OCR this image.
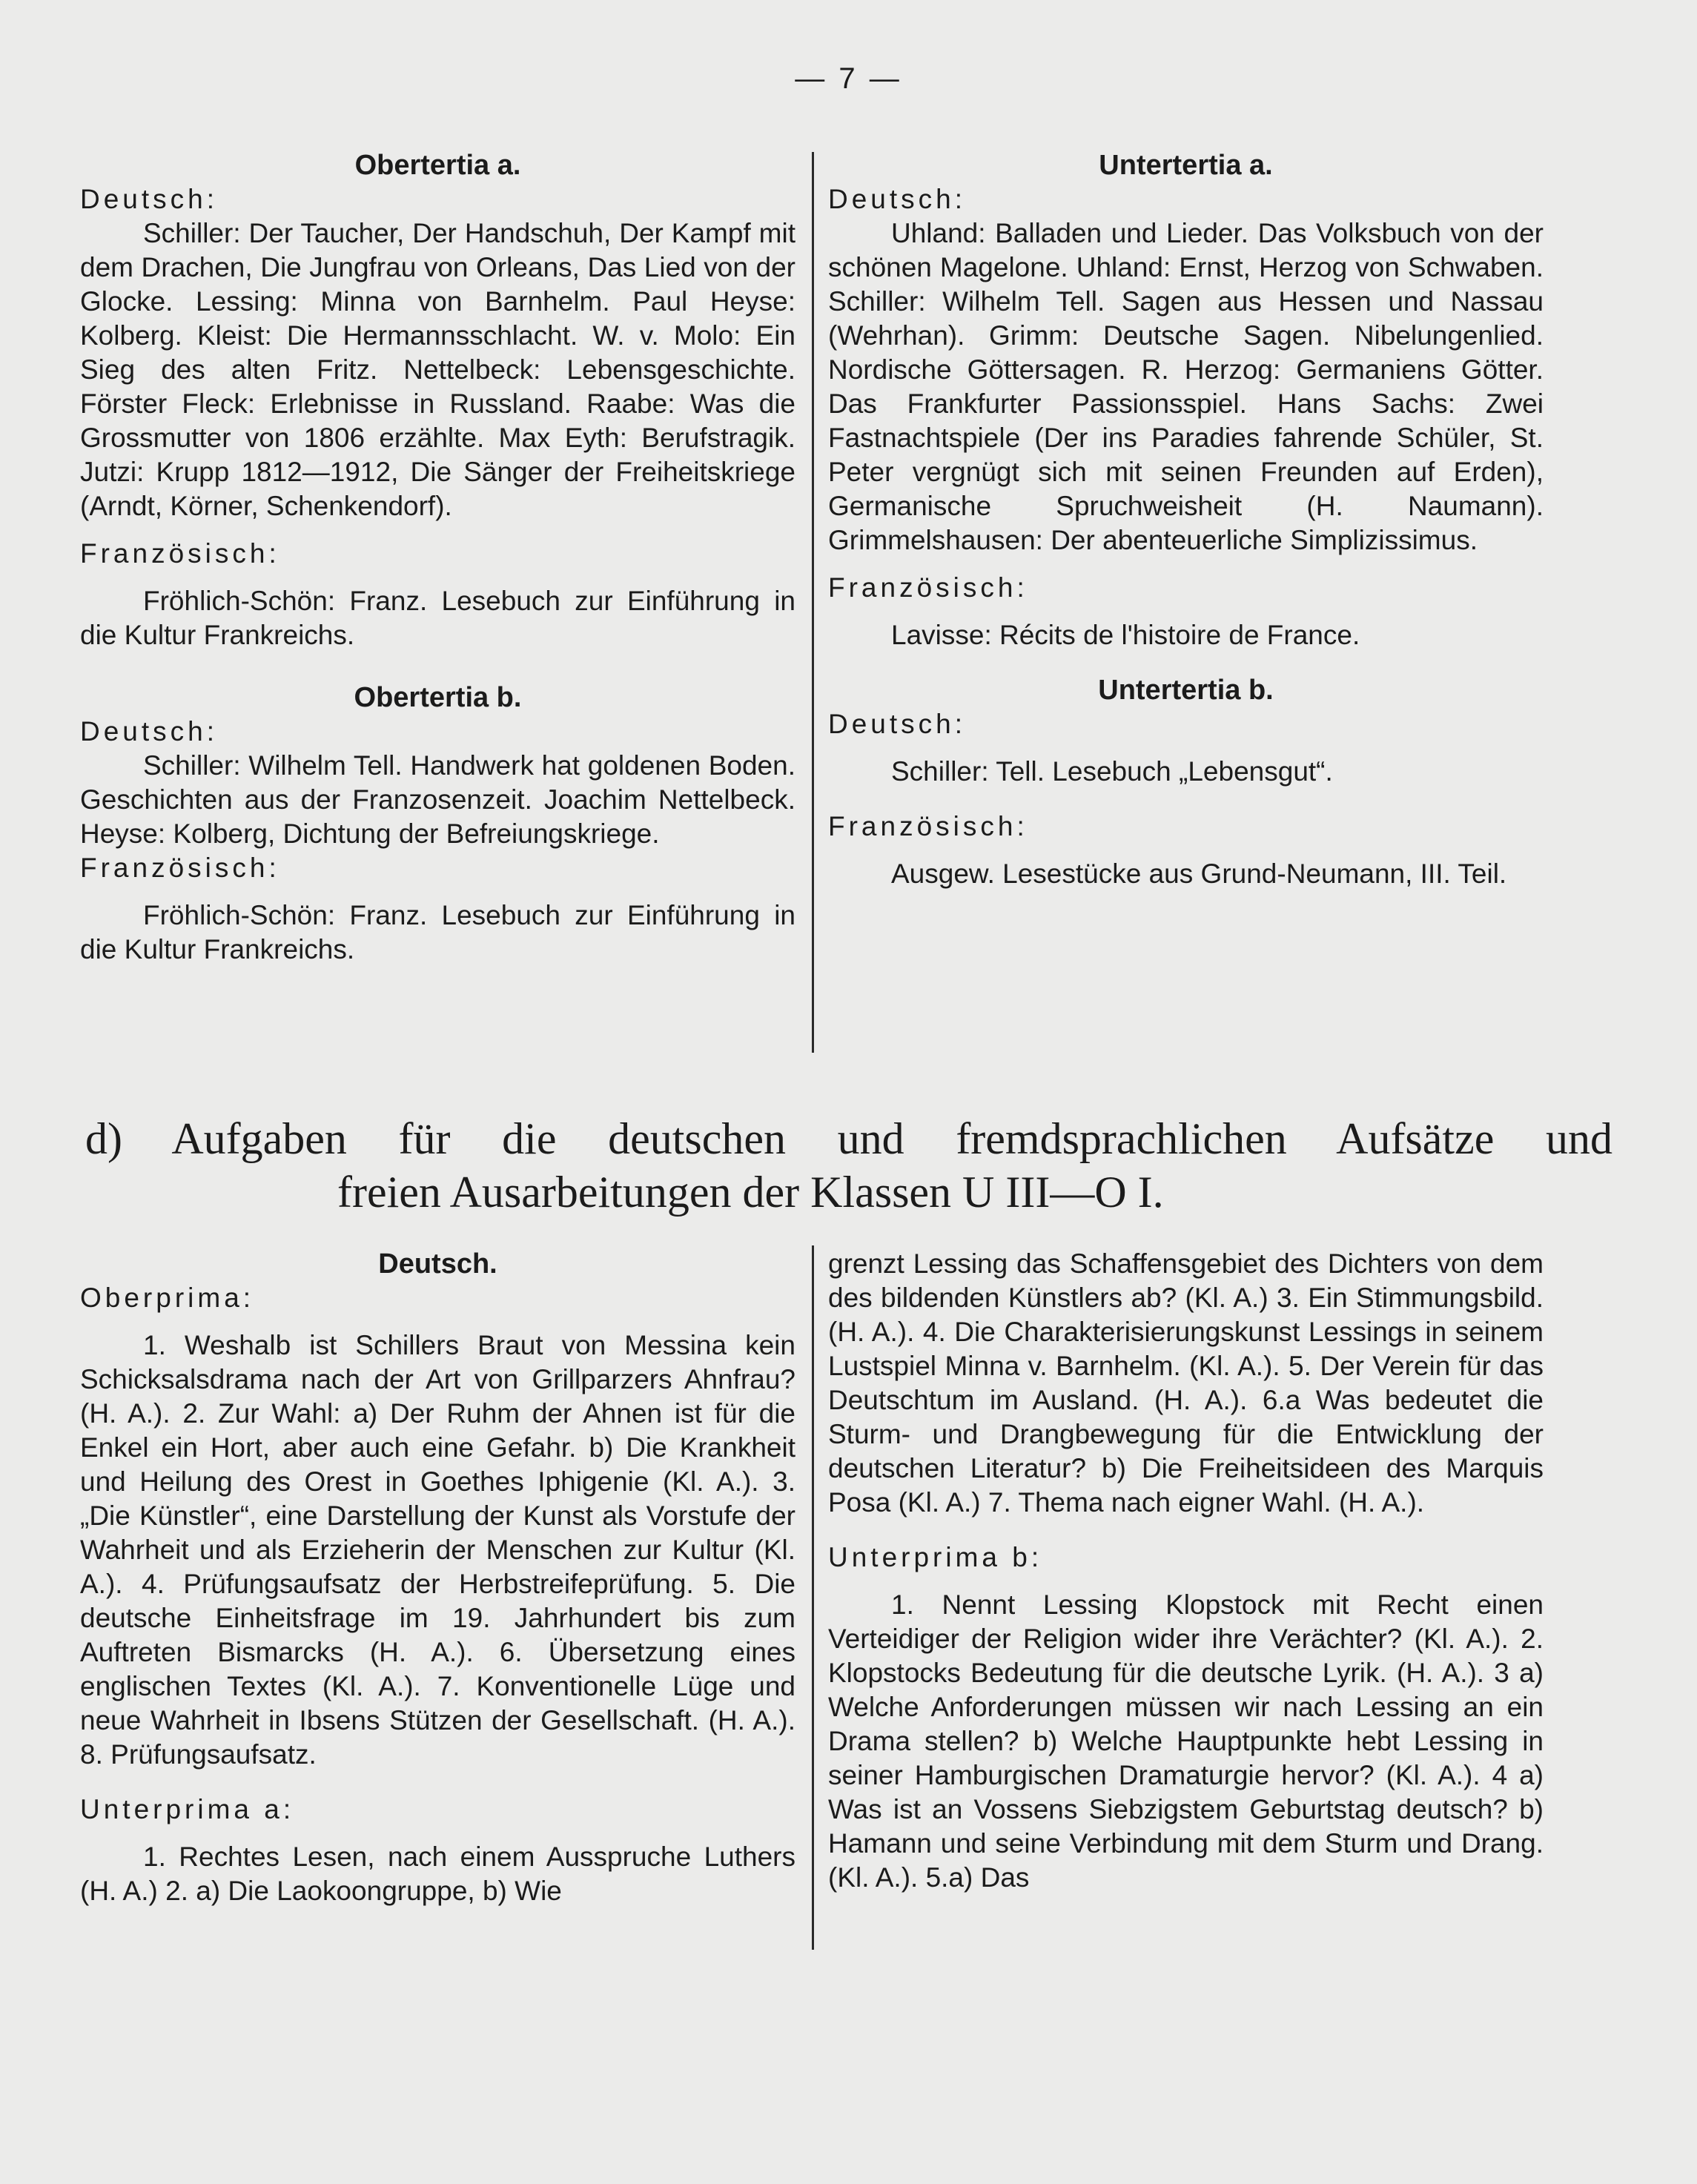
— 7 —

Obertertia a.

Deutsch:

Schiller: Der Taucher, Der Handschuh, Der Kampf mit dem Drachen, Die Jungfrau von Orleans, Das Lied von der Glocke. Lessing: Minna von Barnhelm. Paul Heyse: Kolberg. Kleist: Die Hermannsschlacht. W. v. Molo: Ein Sieg des alten Fritz. Nettelbeck: Lebensgeschichte. Förster Fleck: Erlebnisse in Russland. Raabe: Was die Grossmutter von 1806 erzählte. Max Eyth: Berufstragik. Jutzi: Krupp 1812—1912, Die Sänger der Freiheitskriege (Arndt, Körner, Schenkendorf).

Französisch:

Fröhlich-Schön: Franz. Lesebuch zur Einführung in die Kultur Frankreichs.

Obertertia b.

Deutsch:

Schiller: Wilhelm Tell. Handwerk hat goldenen Boden. Geschichten aus der Franzosenzeit. Joachim Nettelbeck. Heyse: Kolberg, Dichtung der Befreiungskriege.

Französisch:

Fröhlich-Schön: Franz. Lesebuch zur Einführung in die Kultur Frankreichs.

Untertertia a.

Deutsch:

Uhland: Balladen und Lieder. Das Volksbuch von der schönen Magelone. Uhland: Ernst, Herzog von Schwaben. Schiller: Wilhelm Tell. Sagen aus Hessen und Nassau (Wehrhan). Grimm: Deutsche Sagen. Nibelungenlied. Nordische Göttersagen. R. Herzog: Germaniens Götter. Das Frankfurter Passionsspiel. Hans Sachs: Zwei Fastnachtspiele (Der ins Paradies fahrende Schüler, St. Peter vergnügt sich mit seinen Freunden auf Erden), Germanische Spruchweisheit (H. Naumann). Grimmelshausen: Der abenteuerliche Simplizissimus.

Französisch:

Lavisse: Récits de l'histoire de France.

Untertertia b.

Deutsch:

Schiller: Tell. Lesebuch „Lebensgut“.

Französisch:

Ausgew. Lesestücke aus Grund-Neumann, III. Teil.

d) Aufgaben für die deutschen und fremdsprachlichen Aufsätze und
freien Ausarbeitungen der Klassen U III—O I.

Deutsch.

Oberprima:

1. Weshalb ist Schillers Braut von Messina kein Schicksalsdrama nach der Art von Grillparzers Ahnfrau? (H. A.). 2. Zur Wahl: a) Der Ruhm der Ahnen ist für die Enkel ein Hort, aber auch eine Gefahr. b) Die Krankheit und Heilung des Orest in Goethes Iphigenie (Kl. A.). 3. „Die Künstler“, eine Darstellung der Kunst als Vorstufe der Wahrheit und als Erzieherin der Menschen zur Kultur (Kl. A.). 4. Prüfungsaufsatz der Herbstreifeprüfung. 5. Die deutsche Einheitsfrage im 19. Jahrhundert bis zum Auftreten Bismarcks (H. A.). 6. Übersetzung eines englischen Textes (Kl. A.). 7. Konventionelle Lüge und neue Wahrheit in Ibsens Stützen der Gesellschaft. (H. A.). 8. Prüfungsaufsatz.

Unterprima a:

1. Rechtes Lesen, nach einem Ausspruche Luthers (H. A.) 2. a) Die Laokoongruppe, b) Wie

grenzt Lessing das Schaffensgebiet des Dichters von dem des bildenden Künstlers ab? (Kl. A.) 3. Ein Stimmungsbild. (H. A.). 4. Die Charakterisierungskunst Lessings in seinem Lustspiel Minna v. Barnhelm. (Kl. A.). 5. Der Verein für das Deutschtum im Ausland. (H. A.). 6.a Was bedeutet die Sturm- und Drangbewegung für die Entwicklung der deutschen Literatur? b) Die Freiheitsideen des Marquis Posa (Kl. A.) 7. Thema nach eigner Wahl. (H. A.).

Unterprima b:

1. Nennt Lessing Klopstock mit Recht einen Verteidiger der Religion wider ihre Verächter? (Kl. A.). 2. Klopstocks Bedeutung für die deutsche Lyrik. (H. A.). 3 a) Welche Anforderungen müssen wir nach Lessing an ein Drama stellen? b) Welche Hauptpunkte hebt Lessing in seiner Hamburgischen Dramaturgie hervor? (Kl. A.). 4 a) Was ist an Vossens Siebzigstem Geburtstag deutsch? b) Hamann und seine Verbindung mit dem Sturm und Drang. (Kl. A.). 5.a) Das
